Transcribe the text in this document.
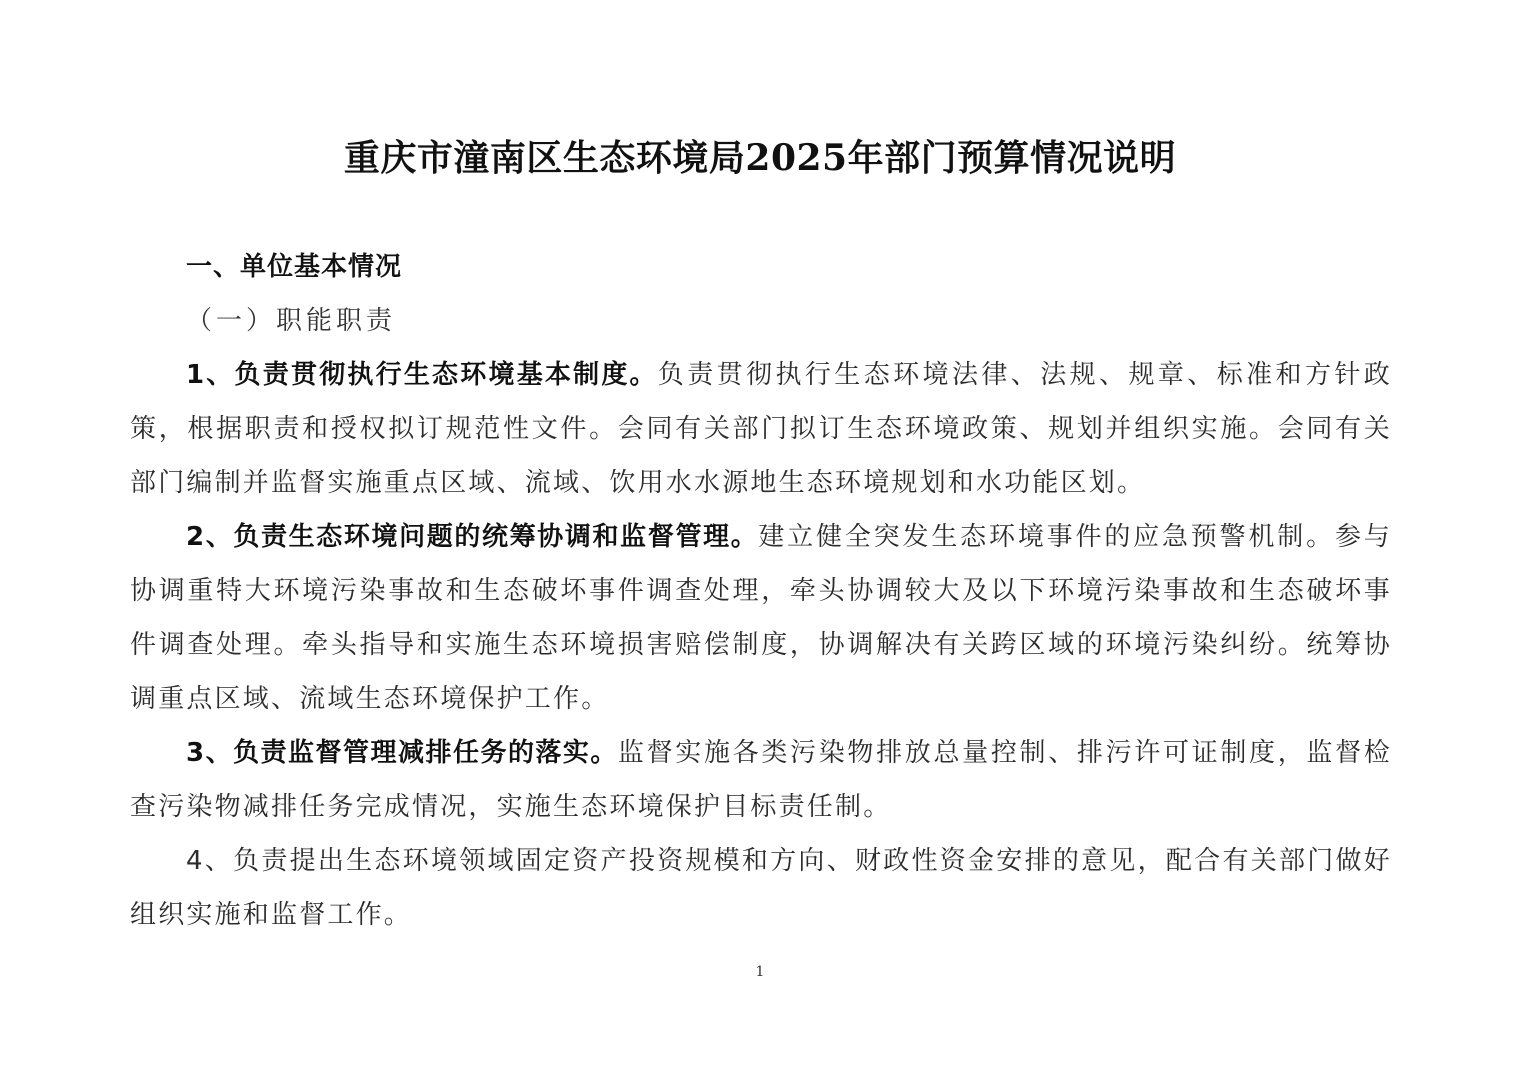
重庆市潼南区生态环境局2025年部门预算情况说明
一、单位基本情况
（一）职能职责

1、负责贯彻执行生态环境基本制度。负责贯彻执行生态环境法律、法规、规章、标准和方针政策，根据职责和授权拟订规范性文件。会同有关部门拟订生态环境政策、规划并组织实施。会同有关部门编制并监督实施重点区域、流域、饮用水水源地生态环境规划和水功能区划。

2、负责生态环境问题的统筹协调和监督管理。建立健全突发生态环境事件的应急预警机制。参与协调重特大环境污染事故和生态破坏事件调查处理，牵头协调较大及以下环境污染事故和生态破坏事件调查处理。牵头指导和实施生态环境损害赔偿制度，协调解决有关跨区域的环境污染纠纷。统筹协调重点区域、流域生态环境保护工作。

3、负责监督管理减排任务的落实。监督实施各类污染物排放总量控制、排污许可证制度，监督检查污染物减排任务完成情况，实施生态环境保护目标责任制。

4、负责提出生态环境领域固定资产投资规模和方向、财政性资金安排的意见，配合有关部门做好组织实施和监督工作。

1
